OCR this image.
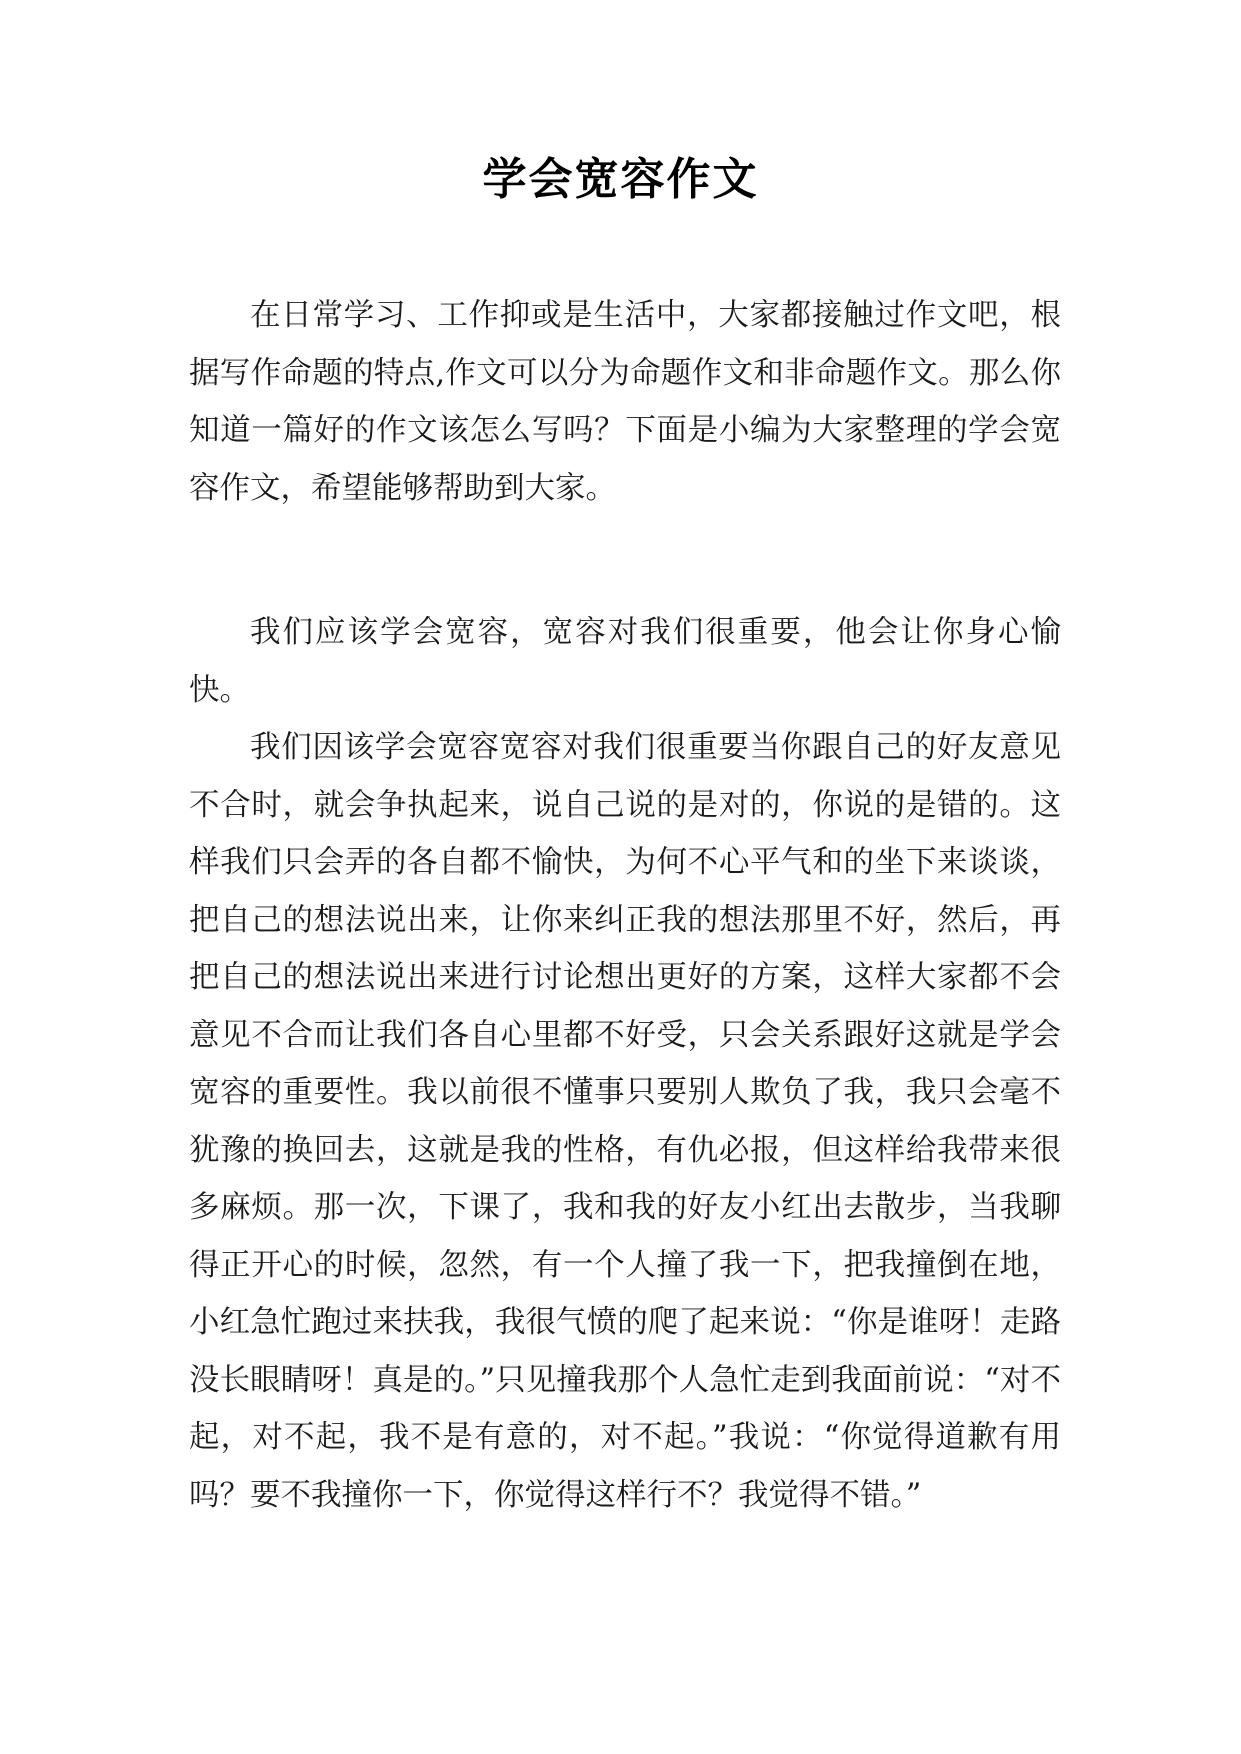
学会宽容作文

在日常学习、工作抑或是生活中，大家都接触过作文吧，根据写作命题的特点,作文可以分为命题作文和非命题作文。那么你知道一篇好的作文该怎么写吗？下面是小编为大家整理的学会宽容作文，希望能够帮助到大家。

我们应该学会宽容，宽容对我们很重要，他会让你身心愉快。

我们因该学会宽容宽容对我们很重要当你跟自己的好友意见不合时，就会争执起来，说自己说的是对的，你说的是错的。这样我们只会弄的各自都不愉快，为何不心平气和的坐下来谈谈，把自己的想法说出来，让你来纠正我的想法那里不好，然后，再把自己的想法说出来进行讨论想出更好的方案，这样大家都不会意见不合而让我们各自心里都不好受，只会关系跟好这就是学会宽容的重要性。我以前很不懂事只要别人欺负了我，我只会毫不犹豫的换回去，这就是我的性格，有仇必报，但这样给我带来很多麻烦。那一次，下课了，我和我的好友小红出去散步，当我聊得正开心的时候，忽然，有一个人撞了我一下，把我撞倒在地，小红急忙跑过来扶我，我很气愤的爬了起来说：“你是谁呀！走路没长眼睛呀！真是的。”只见撞我那个人急忙走到我面前说：“对不起，对不起，我不是有意的，对不起。”我说：“你觉得道歉有用吗？要不我撞你一下，你觉得这样行不？我觉得不错。”
